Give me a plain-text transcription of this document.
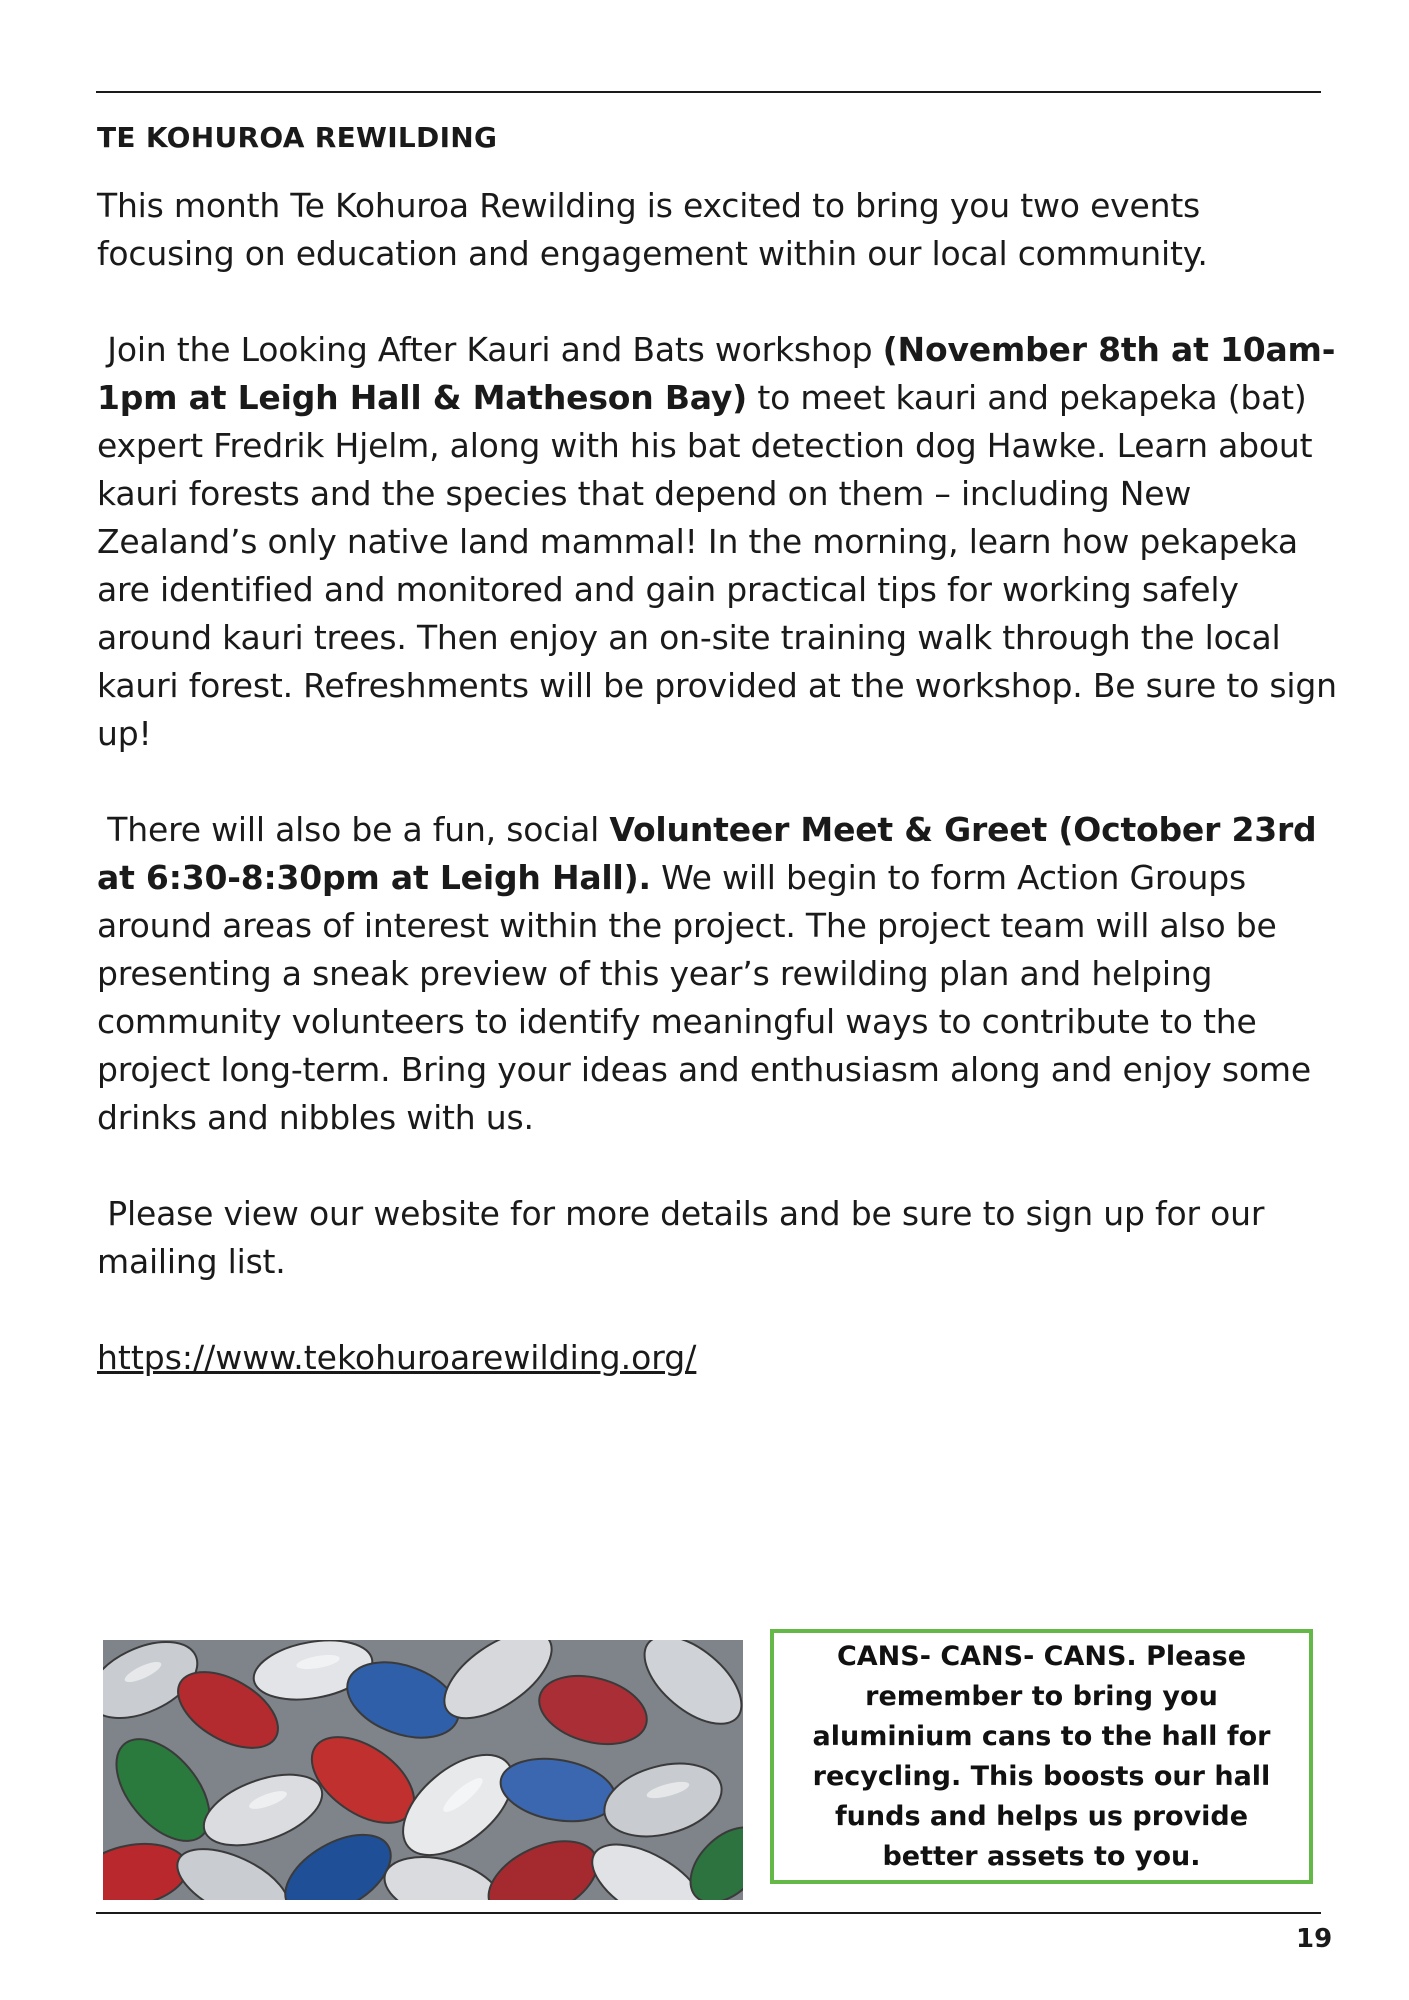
TE KOHUROA REWILDING

This month Te Kohuroa Rewilding is excited to bring you two events focusing on education and engagement within our local community.

Join the Looking After Kauri and Bats workshop (November 8th at 10am-1pm at Leigh Hall & Matheson Bay) to meet kauri and pekapeka (bat) expert Fredrik Hjelm, along with his bat detection dog Hawke. Learn about kauri forests and the species that depend on them – including New Zealand’s only native land mammal! In the morning, learn how pekapeka are identified and monitored and gain practical tips for working safely around kauri trees. Then enjoy an on-site training walk through the local kauri forest. Refreshments will be provided at the workshop. Be sure to sign up!

There will also be a fun, social Volunteer Meet & Greet (October 23rd at 6:30-8:30pm at Leigh Hall). We will begin to form Action Groups around areas of interest within the project. The project team will also be presenting a sneak preview of this year’s rewilding plan and helping community volunteers to identify meaningful ways to contribute to the project long-term. Bring your ideas and enthusiasm along and enjoy some drinks and nibbles with us.

Please view our website for more details and be sure to sign up for our mailing list.

https://www.tekohuroarewilding.org/
CANS- CANS- CANS. Please remember to bring you aluminium cans to the hall for recycling. This boosts our hall funds and helps us provide better assets to you.
19
